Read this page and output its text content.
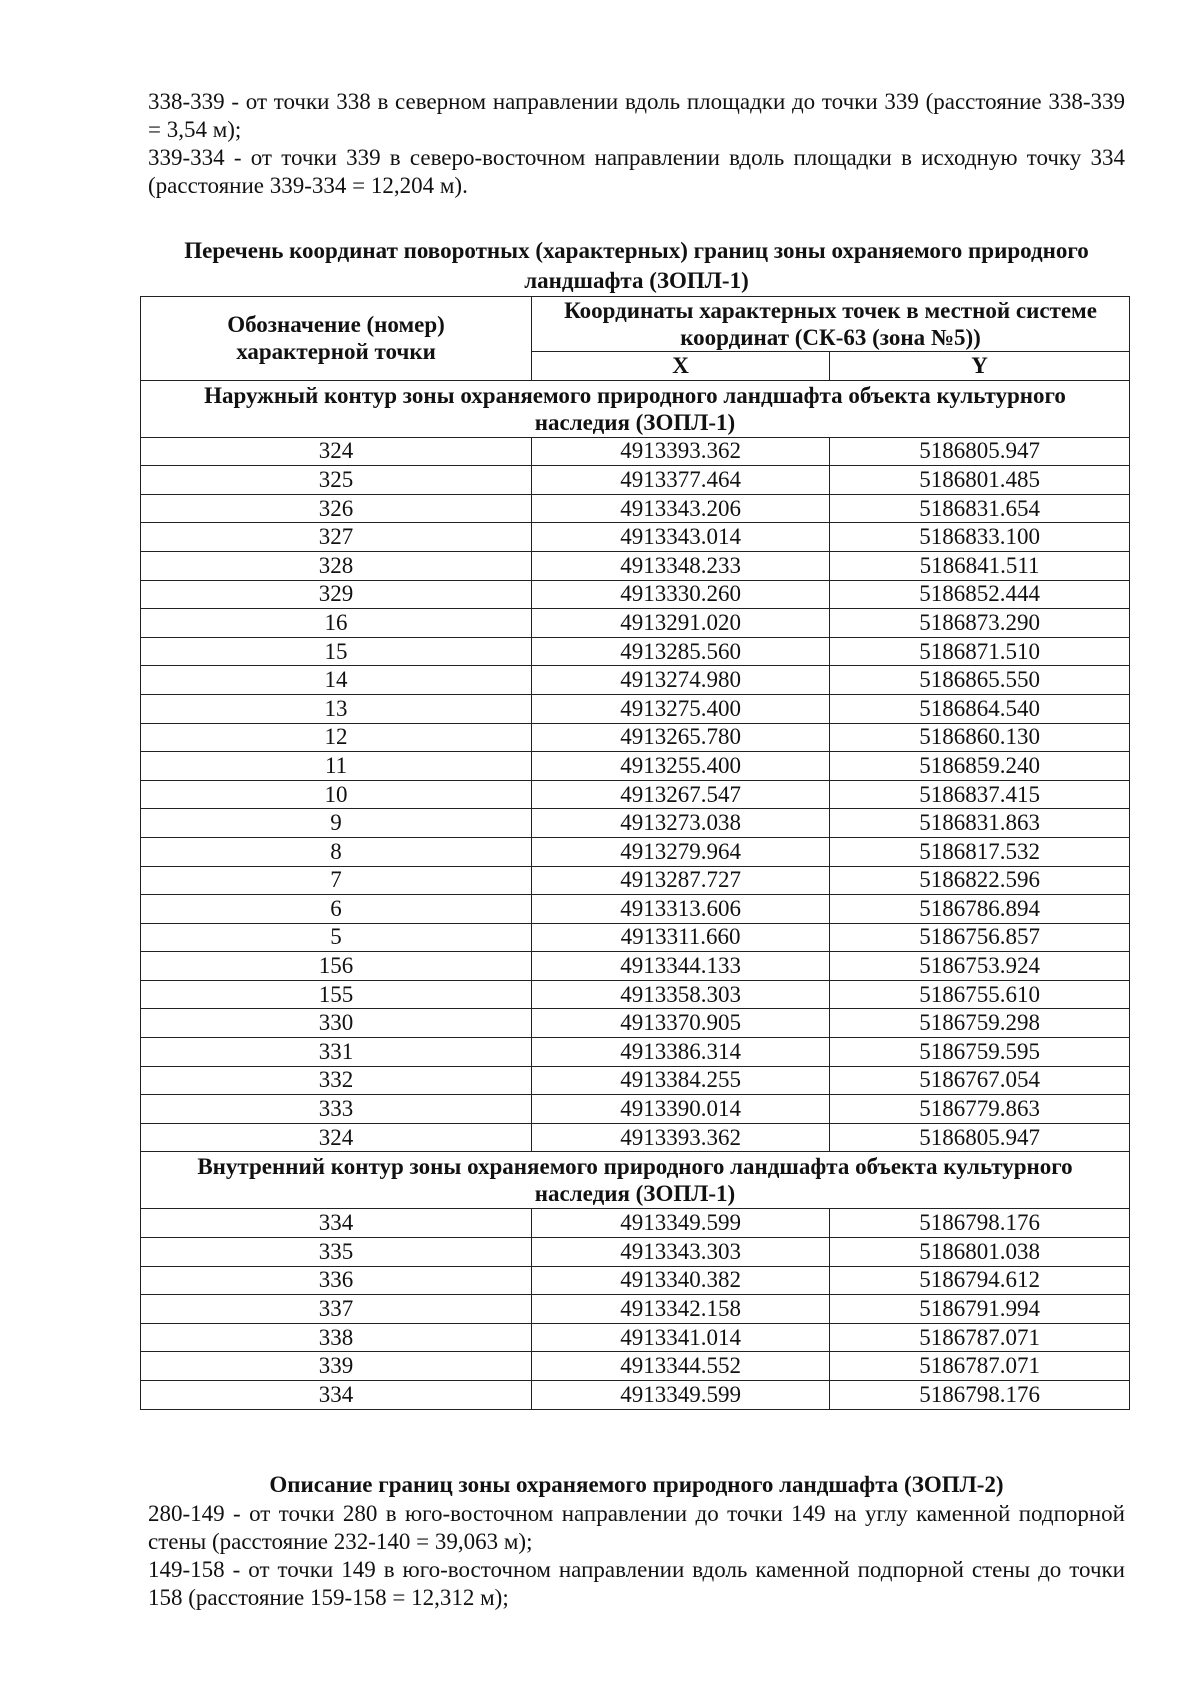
338-339 - от точки 338 в северном направлении вдоль площадки до точки 339 (расстояние 338-339 = 3,54 м);

339-334 - от точки 339 в северо-восточном направлении вдоль площадки в исходную точку 334 (расстояние 339-334 = 12,204 м).

Перечень координат поворотных (характерных) границ зоны охраняемого природного ландшафта (ЗОПЛ-1)
Обозначение (номер) характерной точки	Координаты характерных точек в местной системе координат (СК-63 (зона №5))	
	X	Y
Наружный контур зоны охраняемого природного ландшафта объекта культурного наследия (ЗОПЛ-1)		
324	4913393.362	5186805.947
325	4913377.464	5186801.485
326	4913343.206	5186831.654
327	4913343.014	5186833.100
328	4913348.233	5186841.511
329	4913330.260	5186852.444
16	4913291.020	5186873.290
15	4913285.560	5186871.510
14	4913274.980	5186865.550
13	4913275.400	5186864.540
12	4913265.780	5186860.130
11	4913255.400	5186859.240
10	4913267.547	5186837.415
9	4913273.038	5186831.863
8	4913279.964	5186817.532
7	4913287.727	5186822.596
6	4913313.606	5186786.894
5	4913311.660	5186756.857
156	4913344.133	5186753.924
155	4913358.303	5186755.610
330	4913370.905	5186759.298
331	4913386.314	5186759.595
332	4913384.255	5186767.054
333	4913390.014	5186779.863
324	4913393.362	5186805.947
Внутренний контур зоны охраняемого природного ландшафта объекта культурного наследия (ЗОПЛ-1)		
334	4913349.599	5186798.176
335	4913343.303	5186801.038
336	4913340.382	5186794.612
337	4913342.158	5186791.994
338	4913341.014	5186787.071
339	4913344.552	5186787.071
334	4913349.599	5186798.176
Описание границ зоны охраняемого природного ландшафта (ЗОПЛ-2)

280-149 - от точки 280 в юго-восточном направлении до точки 149 на углу каменной подпорной стены (расстояние 232-140 = 39,063 м);

149-158 - от точки 149 в юго-восточном направлении вдоль каменной подпорной стены до точки 158 (расстояние 159-158 = 12,312 м);
